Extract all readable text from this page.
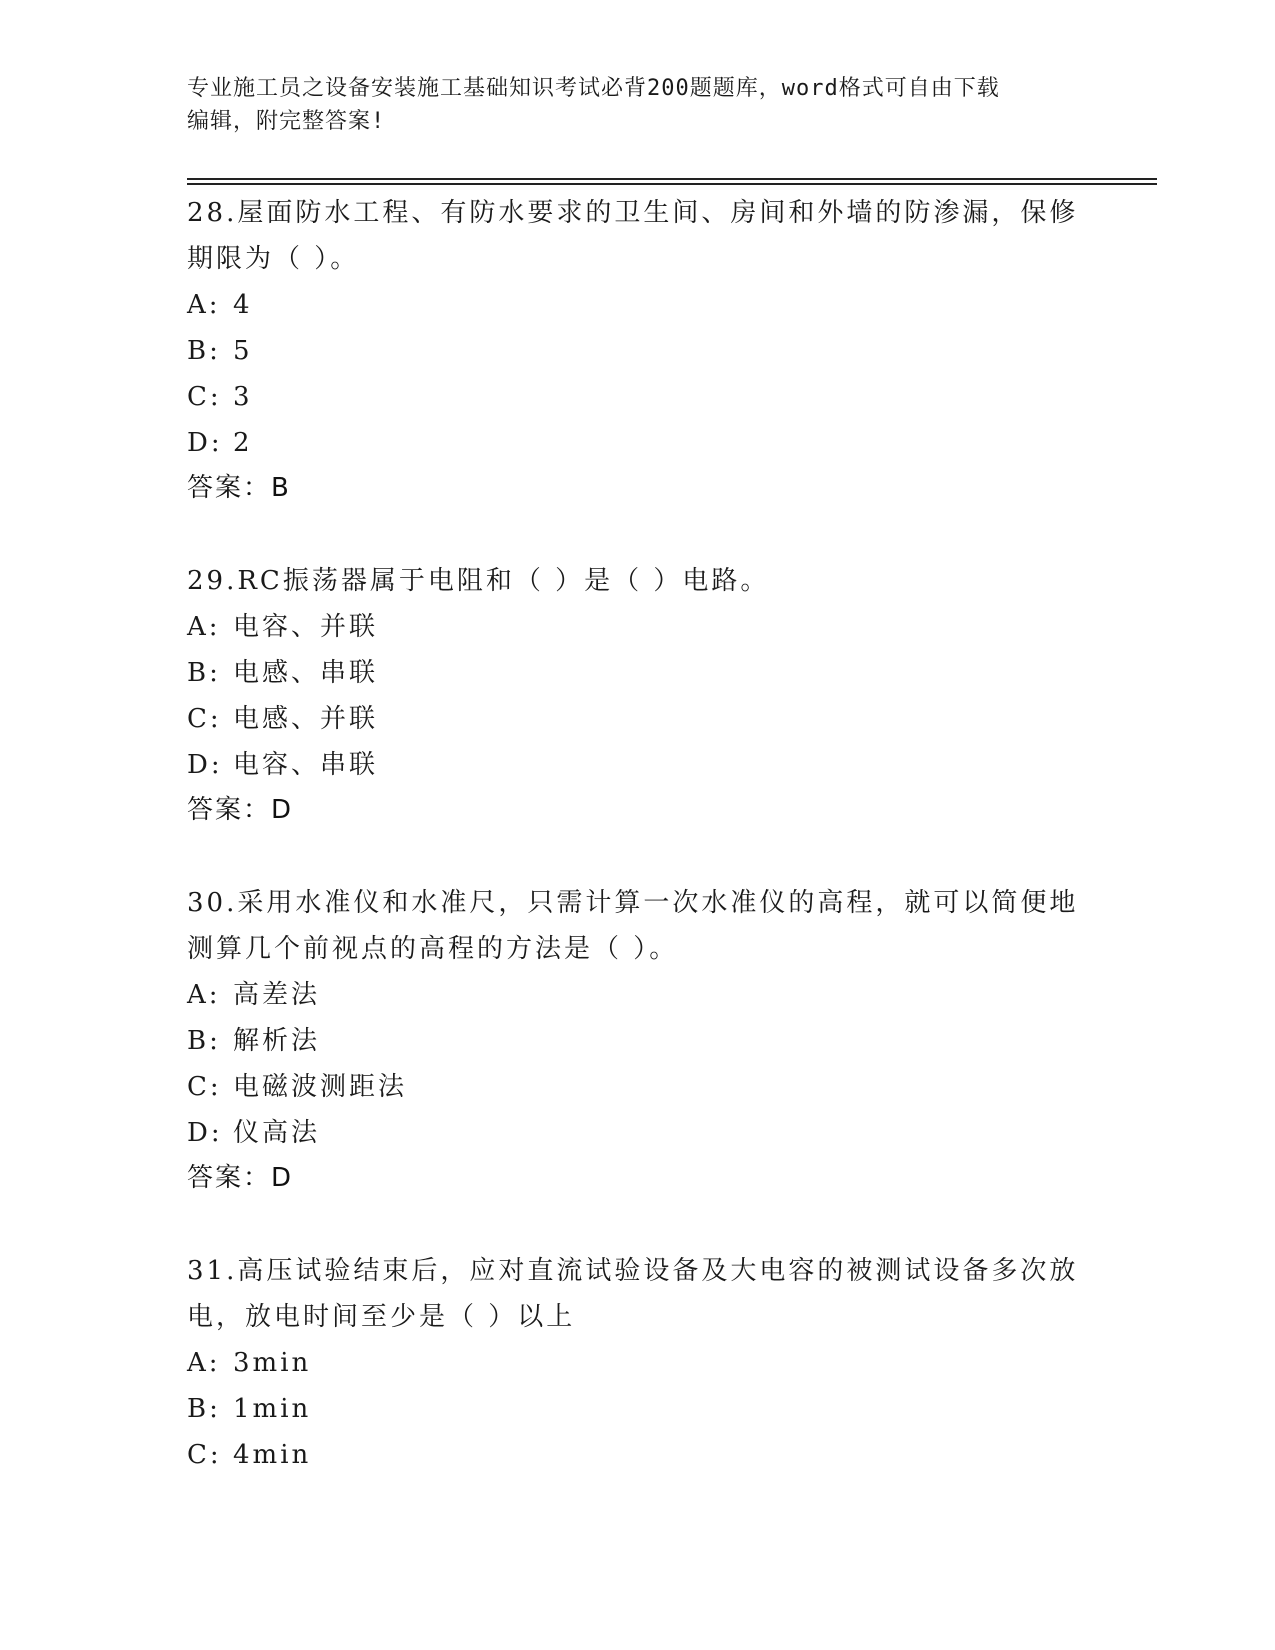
专业施工员之设备安装施工基础知识考试必背200题题库，word格式可自由下载
编辑，附完整答案!
28.屋面防水工程、有防水要求的卫生间、房间和外墙的防渗漏，保修期限为（ ）。
A: 4
B: 5
C: 3
D: 2
答案：B
29.RC振荡器属于电阻和（ ）是（ ）电路。
A: 电容、并联
B: 电感、串联
C: 电感、并联
D: 电容、串联
答案：D
30.采用水准仪和水准尺，只需计算一次水准仪的高程，就可以简便地测算几个前视点的高程的方法是（ ）。
A: 高差法
B: 解析法
C: 电磁波测距法
D: 仪高法
答案：D
31.高压试验结束后，应对直流试验设备及大电容的被测试设备多次放电，放电时间至少是（ ）以上
A: 3min
B: 1min
C: 4min
